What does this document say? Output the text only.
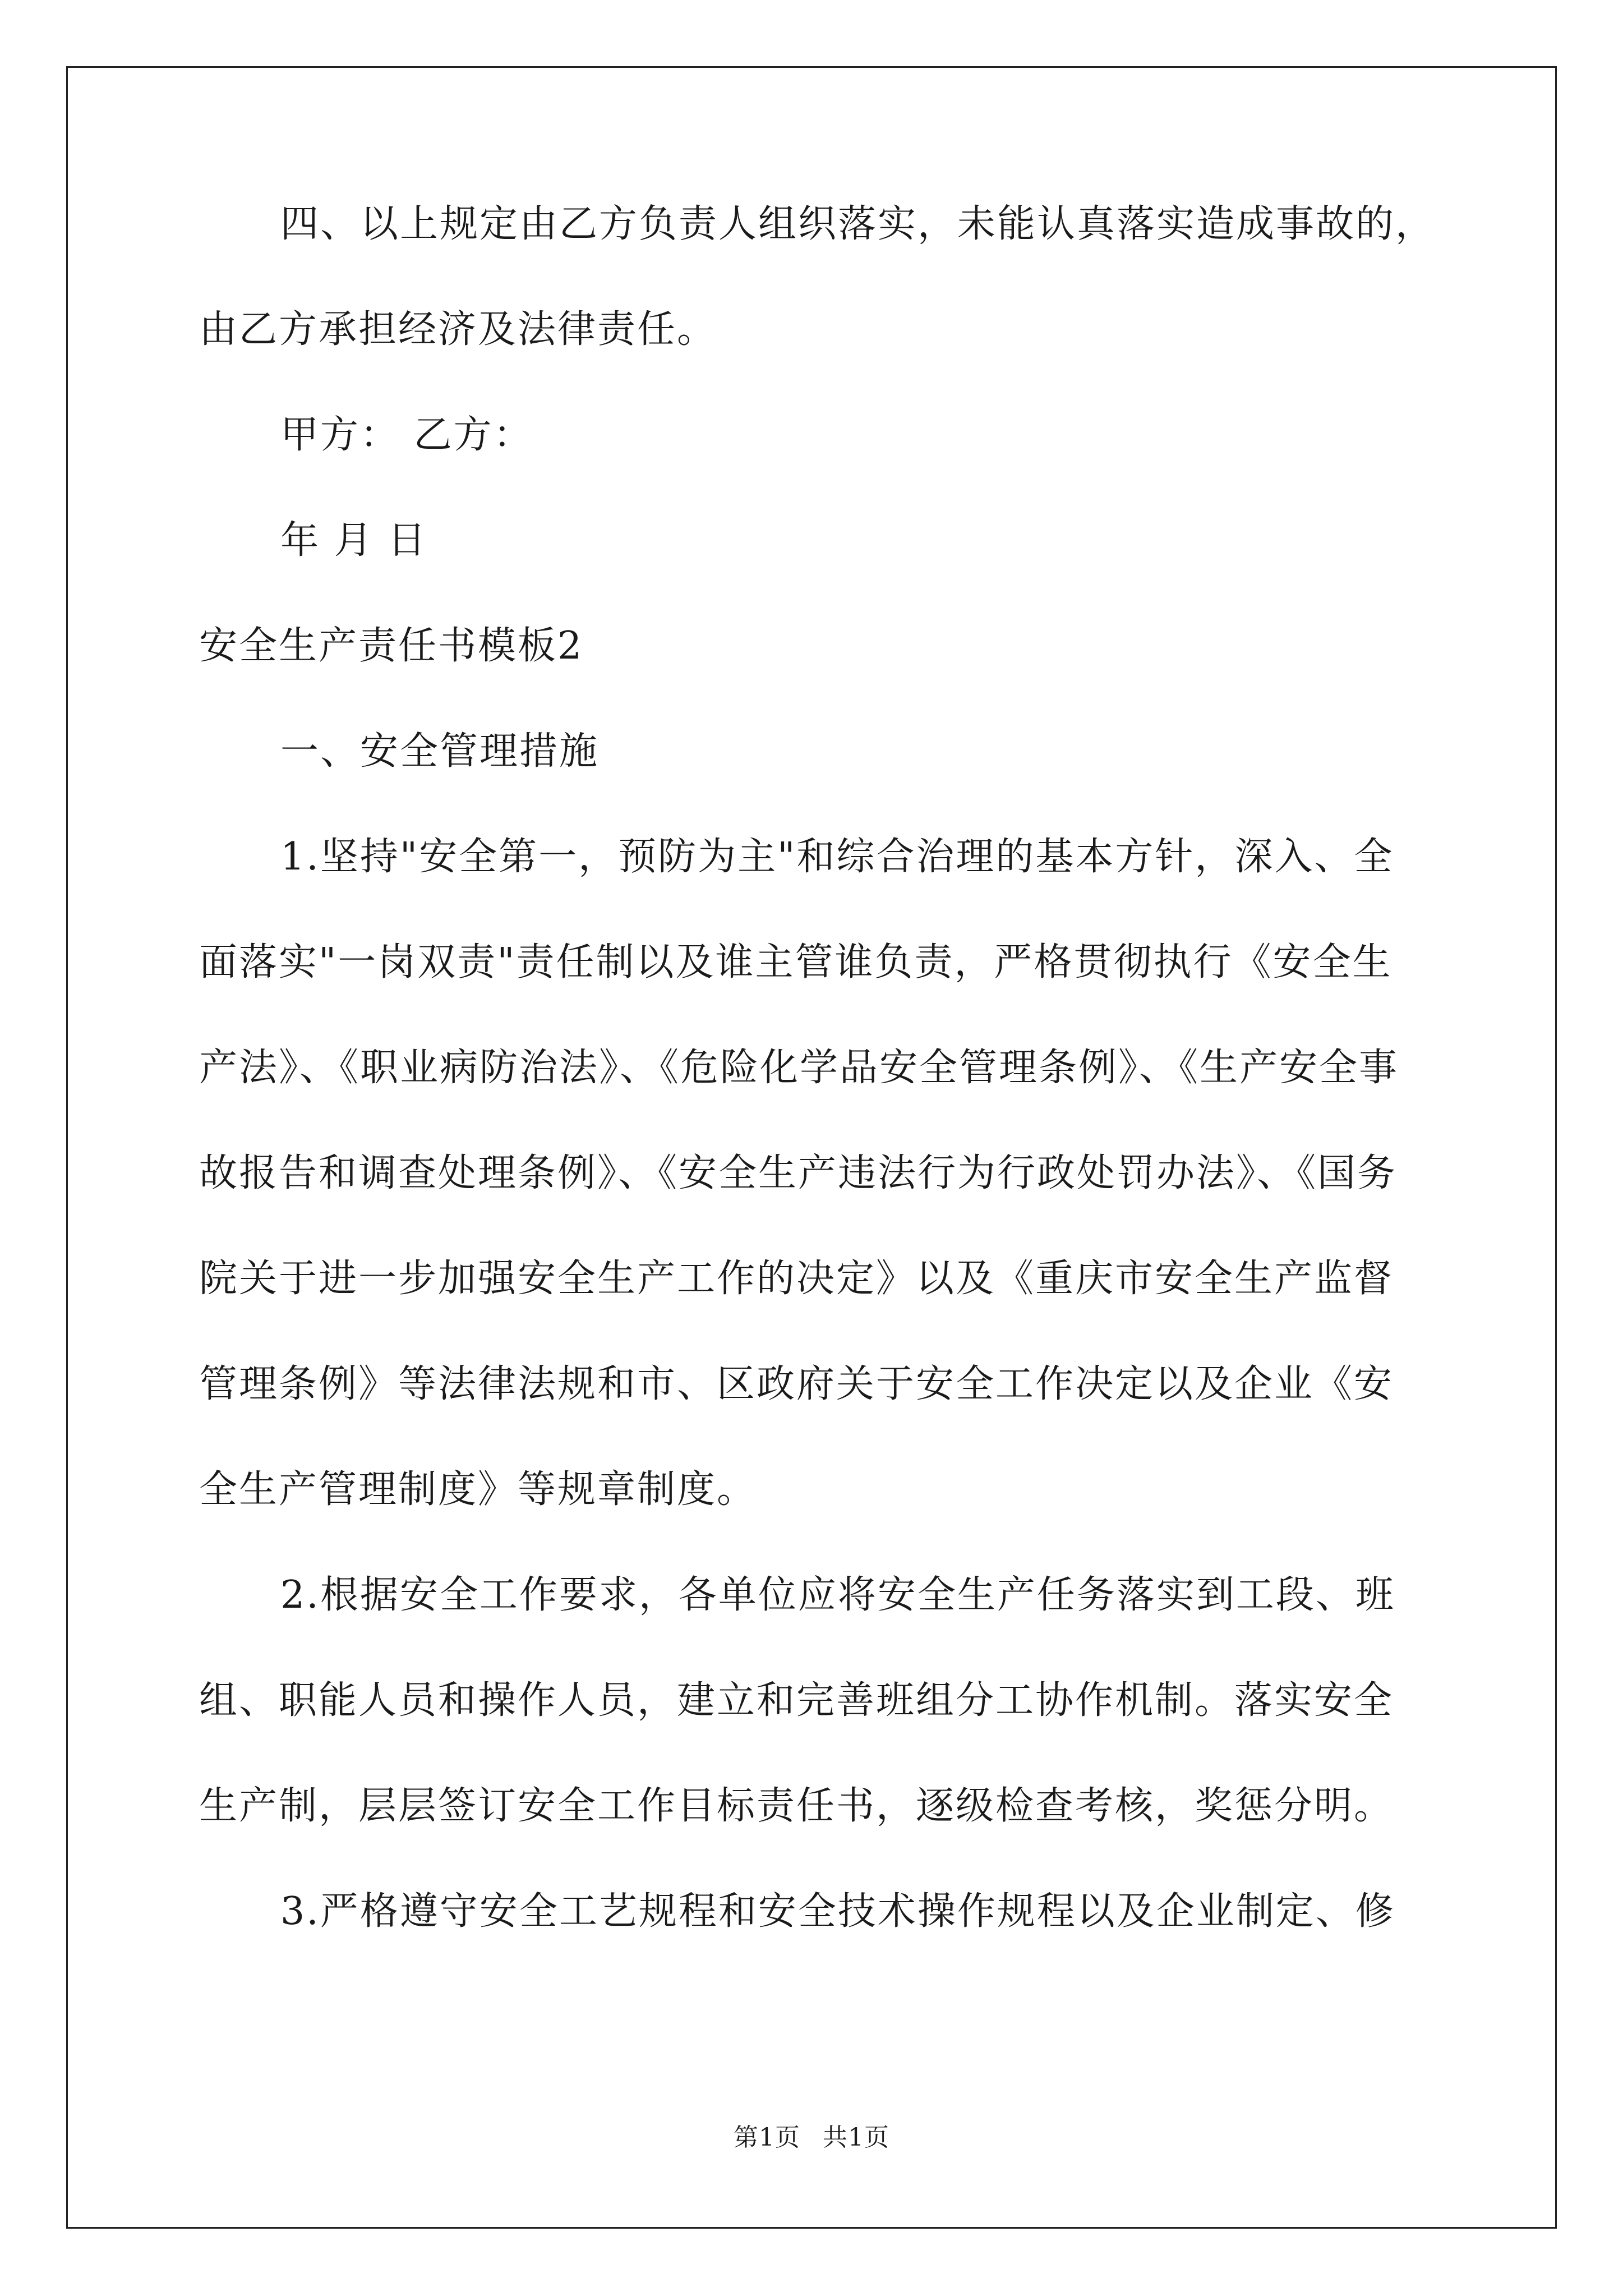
四、以上规定由乙方负责人组织落实，未能认真落实造成事故的，
由乙方承担经济及法律责任。
甲方： 乙方：
年 月 日
安全生产责任书模板2
一、安全管理措施
1.坚持"安全第一，预防为主"和综合治理的基本方针，深入、全
面落实"一岗双责"责任制以及谁主管谁负责，严格贯彻执行《安全生
产法》、《职业病防治法》、《危险化学品安全管理条例》、《生产安全事
故报告和调查处理条例》、《安全生产违法行为行政处罚办法》、《国务
院关于进一步加强安全生产工作的决定》以及《重庆市安全生产监督
管理条例》等法律法规和市、区政府关于安全工作决定以及企业《安
全生产管理制度》等规章制度。
2.根据安全工作要求，各单位应将安全生产任务落实到工段、班
组、职能人员和操作人员，建立和完善班组分工协作机制。落实安全
生产制，层层签订安全工作目标责任书，逐级检查考核，奖惩分明。
3.严格遵守安全工艺规程和安全技术操作规程以及企业制定、修
第1页 共1页
